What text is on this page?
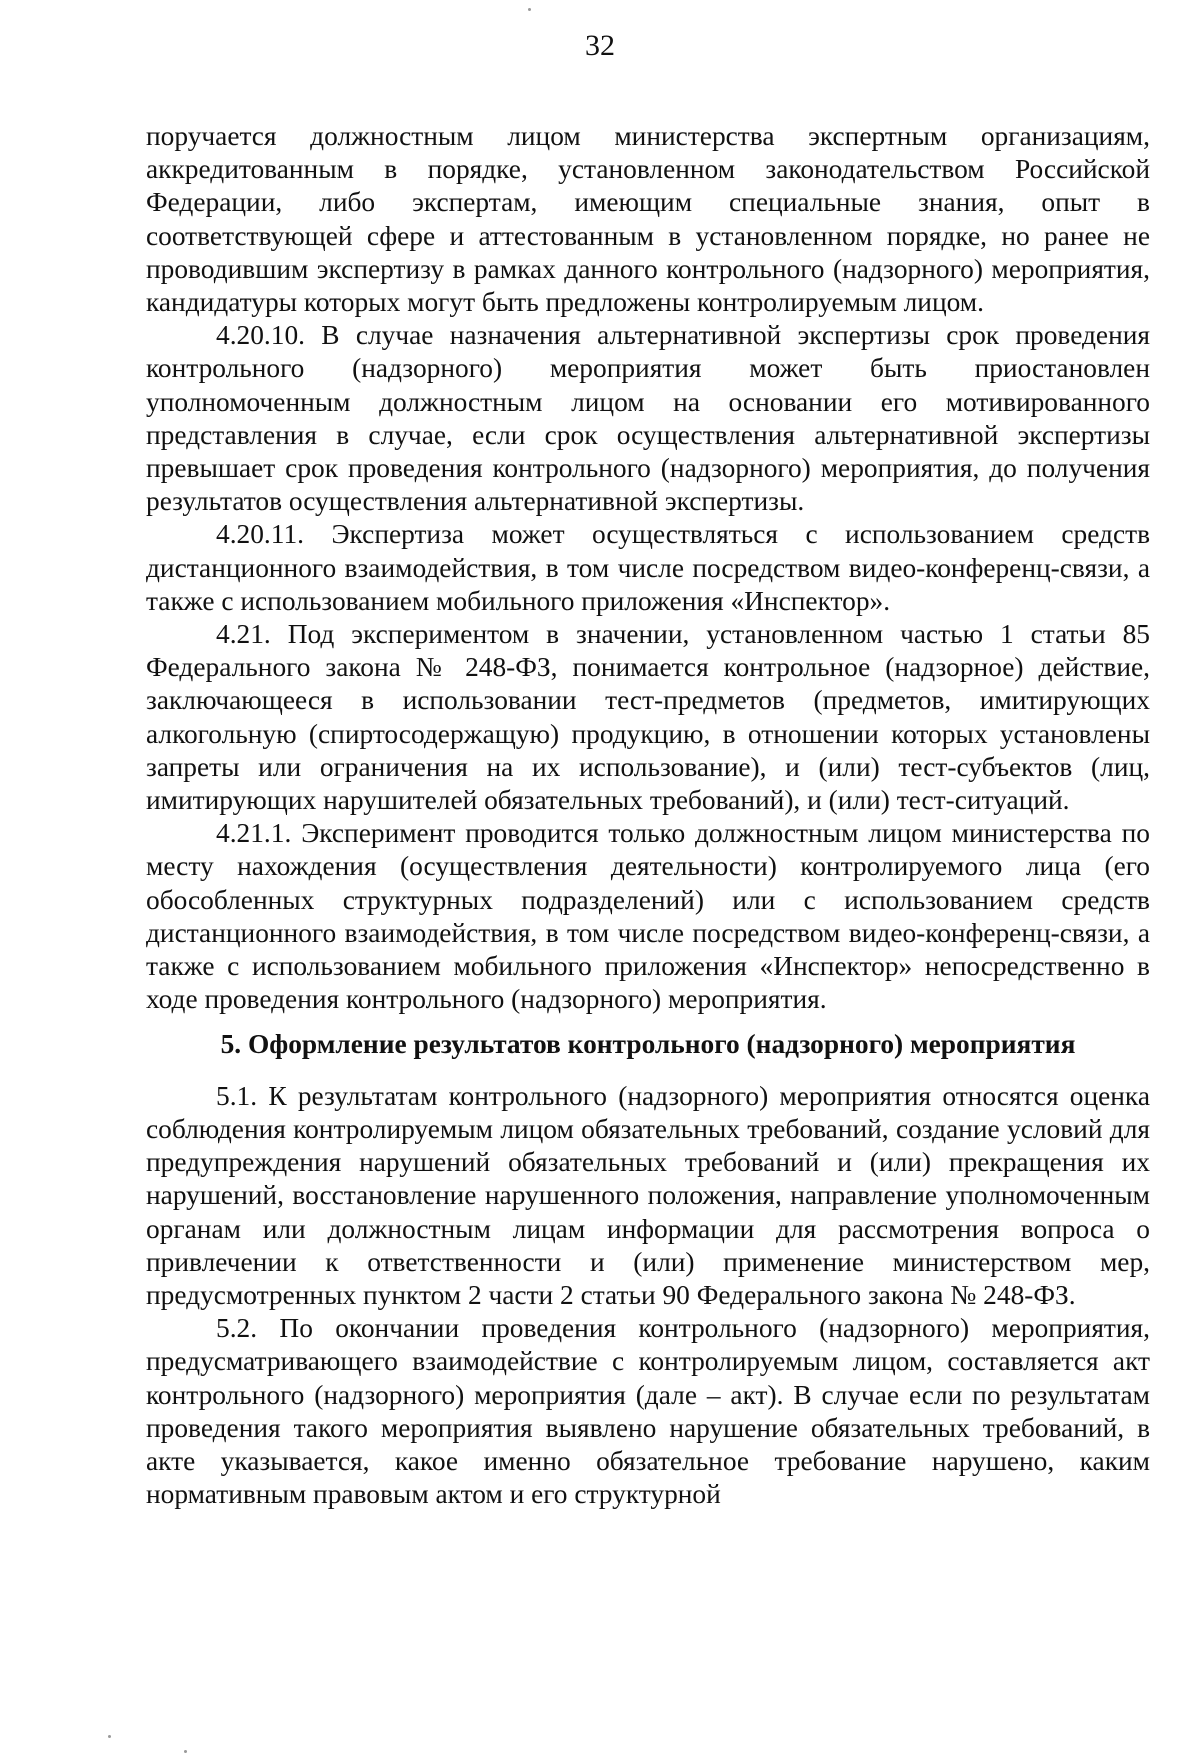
32

поручается должностным лицом министерства экспертным организациям, аккредитованным в порядке, установленном законодательством Российской Федерации, либо экспертам, имеющим специальные знания, опыт в соответствующей сфере и аттестованным в установленном порядке, но ранее не проводившим экспертизу в рамках данного контрольного (надзорного) мероприятия, кандидатуры которых могут быть предложены контролируемым лицом.

4.20.10. В случае назначения альтернативной экспертизы срок проведения контрольного (надзорного) мероприятия может быть приостановлен уполномоченным должностным лицом на основании его мотивированного представления в случае, если срок осуществления альтернативной экспертизы превышает срок проведения контрольного (надзорного) мероприятия, до получения результатов осуществления альтернативной экспертизы.

4.20.11. Экспертиза может осуществляться с использованием средств дистанционного взаимодействия, в том числе посредством видео-конференц-связи, а также с использованием мобильного приложения «Инспектор».

4.21. Под экспериментом в значении, установленном частью 1 статьи 85 Федерального закона № 248-ФЗ, понимается контрольное (надзорное) действие, заключающееся в использовании тест-предметов (предметов, имитирующих алкогольную (спиртосодержащую) продукцию, в отношении которых установлены запреты или ограничения на их использование), и (или) тест-субъектов (лиц, имитирующих нарушителей обязательных требований), и (или) тест-ситуаций.

4.21.1. Эксперимент проводится только должностным лицом министерства по месту нахождения (осуществления деятельности) контролируемого лица (его обособленных структурных подразделений) или с использованием средств дистанционного взаимодействия, в том числе посредством видео-конференц-связи, а также с использованием мобильного приложения «Инспектор» непосредственно в ходе проведения контрольного (надзорного) мероприятия.

5. Оформление результатов контрольного (надзорного) мероприятия

5.1. К результатам контрольного (надзорного) мероприятия относятся оценка соблюдения контролируемым лицом обязательных требований, создание условий для предупреждения нарушений обязательных требований и (или) прекращения их нарушений, восстановление нарушенного положения, направление уполномоченным органам или должностным лицам информации для рассмотрения вопроса о привлечении к ответственности и (или) применение министерством мер, предусмотренных пунктом 2 части 2 статьи 90 Федерального закона № 248-ФЗ.

5.2. По окончании проведения контрольного (надзорного) мероприятия, предусматривающего взаимодействие с контролируемым лицом, составляется акт контрольного (надзорного) мероприятия (дале – акт). В случае если по результатам проведения такого мероприятия выявлено нарушение обязательных требований, в акте указывается, какое именно обязательное требование нарушено, каким нормативным правовым актом и его структурной
